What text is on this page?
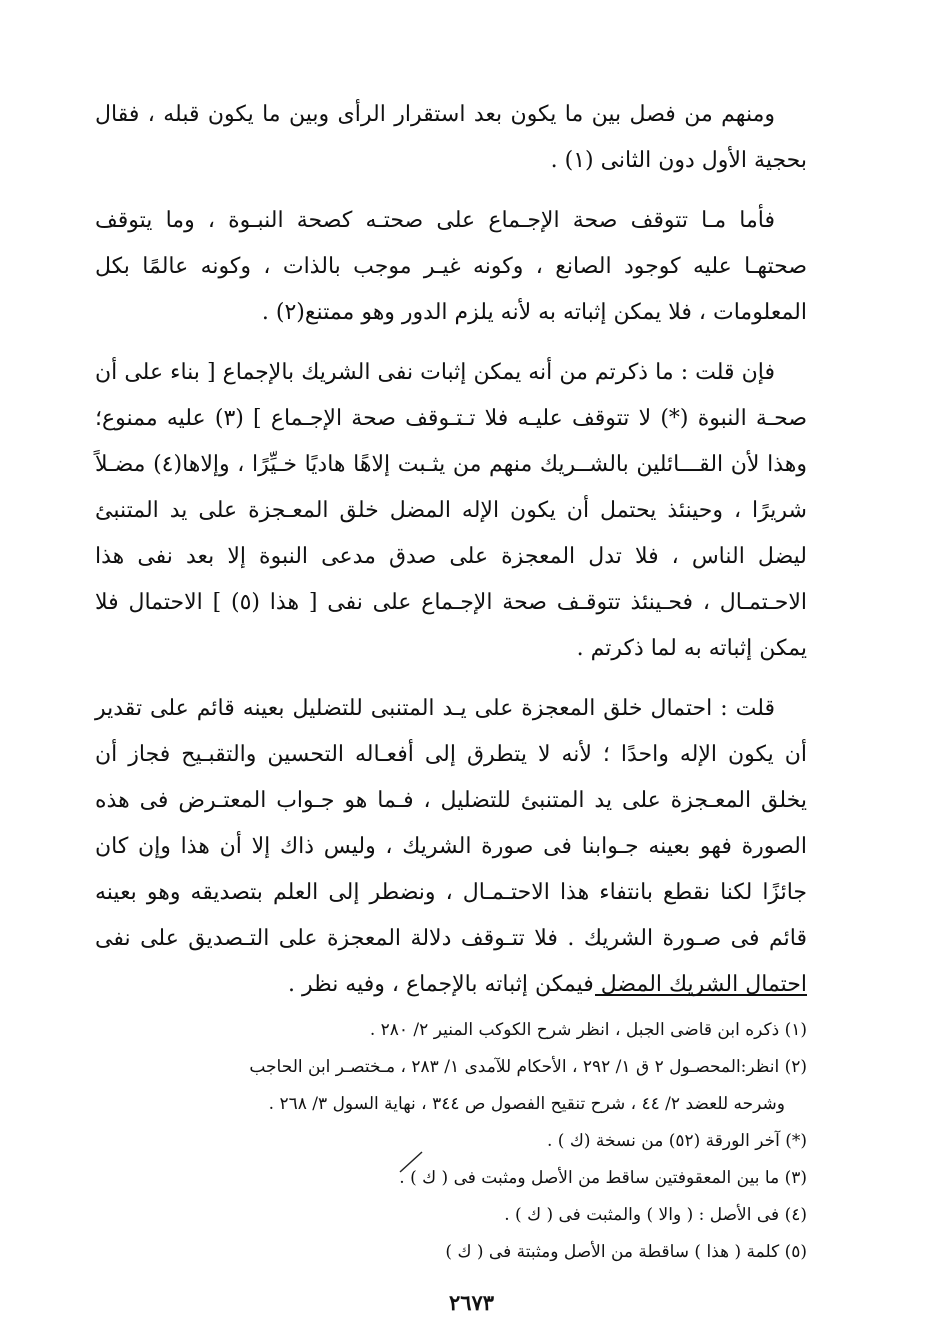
ومنهم من فصل بين ما يكون بعد استقرار الرأى وبين ما يكون قبله ، فقال بحجية الأول دون الثانى (١) .

فأما مـا تتوقف صحة الإجـماع على صحتـه كصحة النبـوة ، وما يتوقف صحتهـا عليه كوجود الصانع ، وكونه غيـر موجب بالذات ، وكونه عالمًا بكل المعلومات ، فلا يمكن إثباته به لأنه يلزم الدور وهو ممتنع(٢) .

فإن قلت : ما ذكرتم من أنه يمكن إثبات نفى الشريك بالإجماع [ بناء على أن صحـة النبوة (*) لا تتوقف عليـه فلا تـتـوقف صحة الإجـماع ] (٣) عليه ممنوع؛ وهذا لأن القـــائلين بالشــريك منهم من يثـبت إلاهًا هاديًا خـيِّرًا ، وإلاها(٤) مضـلاً شريرًا ، وحينئذ يحتمل أن يكون الإله المضل خلق المعـجزة على يد المتنبئ ليضل الناس ، فلا تدل المعجزة على صدق مدعى النبوة إلا بعد نفى هذا الاحـتمـال ، فحـينئذ تتوقـف صحة الإجـماع على نفى [ هذا (٥) ] الاحتمال فلا يمكن إثباته به لما ذكرتم .

قلت : احتمال خلق المعجزة على يـد المتنبى للتضليل بعينه قائم على تقدير أن يكون الإله واحدًا ؛ لأنه لا يتطرق إلى أفعـاله التحسين والتقبـيح فجاز أن يخلق المعـجزة على يد المتنبئ للتضليل ، فـما هو جـواب المعتـرض فى هذه الصورة فهو بعينه جـوابنا فى صورة الشريك ، وليس ذاك إلا أن هذا وإن كان جائزًا لكنا نقطع بانتفاء هذا الاحتـمـال ، ونضطر إلى العلم بتصديقه وهو بعينه قائم فى صـورة الشريك . فلا تتـوقف دلالة المعجزة على التـصديق على نفى احتمال الشريك المضل فيمكن إثباته بالإجماع ، وفيه نظر .

(١) ذكره ابن قاضى الجبل ، انظر شرح الكوكب المنير ٢/ ٢٨٠ .

(٢) انظر:المحصـول ٢ ق ١/ ٢٩٢ ، الأحكام للآمدى ١/ ٢٨٣ ، مـختصـر ابن الحاجب
وشرحه للعضد ٢/ ٤٤ ، شرح تنقيح الفصول ص ٣٤٤ ، نهاية السول ٣/ ٢٦٨ .

(*) آخر الورقة (٥٢) من نسخة (ك ) .

(٣) ما بين المعقوفتين ساقط من الأصل ومثبت فى ( ك ) .

(٤) فى الأصل : ( والا ) والمثبت فى ( ك ) .

(٥) كلمة ( هذا ) ساقطة من الأصل ومثبتة فى ( ك )

٢٦٧٣
